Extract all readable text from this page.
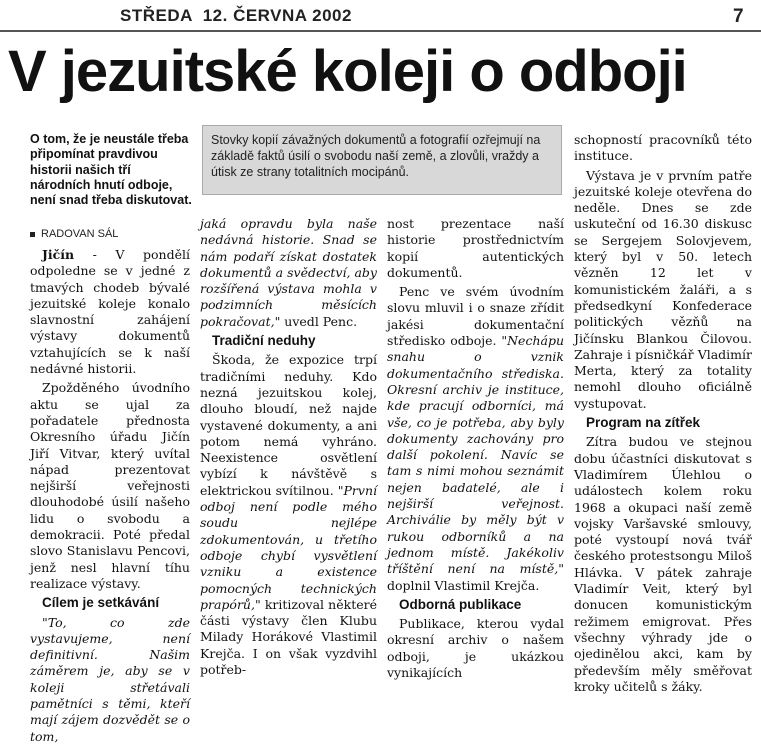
STŘEDA  12. ČERVNA 2002	7
V jezuitské koleji o odboji
O tom, že je neustále třeba připomínat pravdivou historii našich tří národních hnutí odboje, není snad třeba diskutovat.
RADOVAN SÁL
Stovky kopií závažných dokumentů a fotografií ozřejmují na základě faktů úsilí o svobodu naší země, a zlovůli, vraždy a útisk ze strany totalitních mocipánů.

Jičín - V pondělí odpoledne se v jedné z tmavých chodeb bývalé jezuitské koleje konalo slavnostní zahájení výstavy dokumentů vztahujících se k naší nedávné historii.

Zpožděného úvodního aktu se ujal za pořadatele přednosta Okresního úřadu Jičín Jiří Vitvar, který uvítal nápad prezentovat nejširší veřejnosti dlouhodobé úsilí našeho lidu o svobodu a demokracii. Poté předal slovo Stanislavu Pencovi, jenž nesl hlavní tíhu realizace výstavy.

Cílem je setkávání

"To, co zde vystavujeme, není definitivní. Našim záměrem je, aby se v koleji střetávali pamětníci s těmi, kteří mají zájem dozvědět se o tom,

jaká opravdu byla naše nedávná historie. Snad se nám podaří získat dostatek dokumentů a svědectví, aby rozšířená výstava mohla v podzimních měsících pokračovat," uvedl Penc.

Tradiční neduhy

Škoda, že expozice trpí tradičními neduhy. Kdo nezná jezuitskou kolej, dlouho bloudí, než najde vystavené dokumenty, a ani potom nemá vyhráno. Neexistence osvětlení vybízí k návštěvě s elektrickou svítilnou. "První odboj není podle mého soudu nejlépe zdokumentován, u třetího odboje chybí vysvětlení vzniku a existence pomocných technických prapórů," kritizoval některé části výstavy člen Klubu Milady Horákové Vlastimil Krejča. I on však vyzdvihl potřeb-

nost prezentace naší historie prostřednictvím kopií autentických dokumentů.

Penc ve svém úvodním slovu mluvil i o snaze zřídit jakési dokumentační středisko odboje. "Nechápu snahu o vznik dokumentačního střediska. Okresní archiv je instituce, kde pracují odborníci, má vše, co je potřeba, aby byly dokumenty zachovány pro další pokolení. Navíc se tam s nimi mohou seznámit nejen badatelé, ale i nejširší veřejnost. Archiválie by měly být v rukou odborníků a na jednom místě. Jakékoliv tříštění není na místě," doplnil Vlastimil Krejča.

Odborná publikace

Publikace, kterou vydal okresní archiv o našem odboji, je ukázkou vynikajících

schopností pracovníků této instituce.

Výstava je v prvním patře jezuitské koleje otevřena do neděle. Dnes se zde uskuteční od 16.30 diskusc se Sergejem Solovjevem, který byl v 50. letech vězněn 12 let v komunistickém žaláři, a s předsedkyní Konfederace politických vězňů na Jičínsku Blankou Čilovou. Zahraje i písničkář Vladimír Merta, který za totality nemohl dlouho oficiálně vystupovat.

Program na zítřek

Zítra budou ve stejnou dobu účastníci diskutovat s Vladimírem Úlehlou o událostech kolem roku 1968 a okupaci naší země vojsky Varšavské smlouvy, poté vystoupí nová tvář českého protestsongu Miloš Hlávka. V pátek zahraje Vladimír Veit, který byl donucen komunistickým režimem emigrovat. Přes všechny výhrady jde o ojedinělou akci, kam by především měly směřovat kroky učitelů s žáky.
